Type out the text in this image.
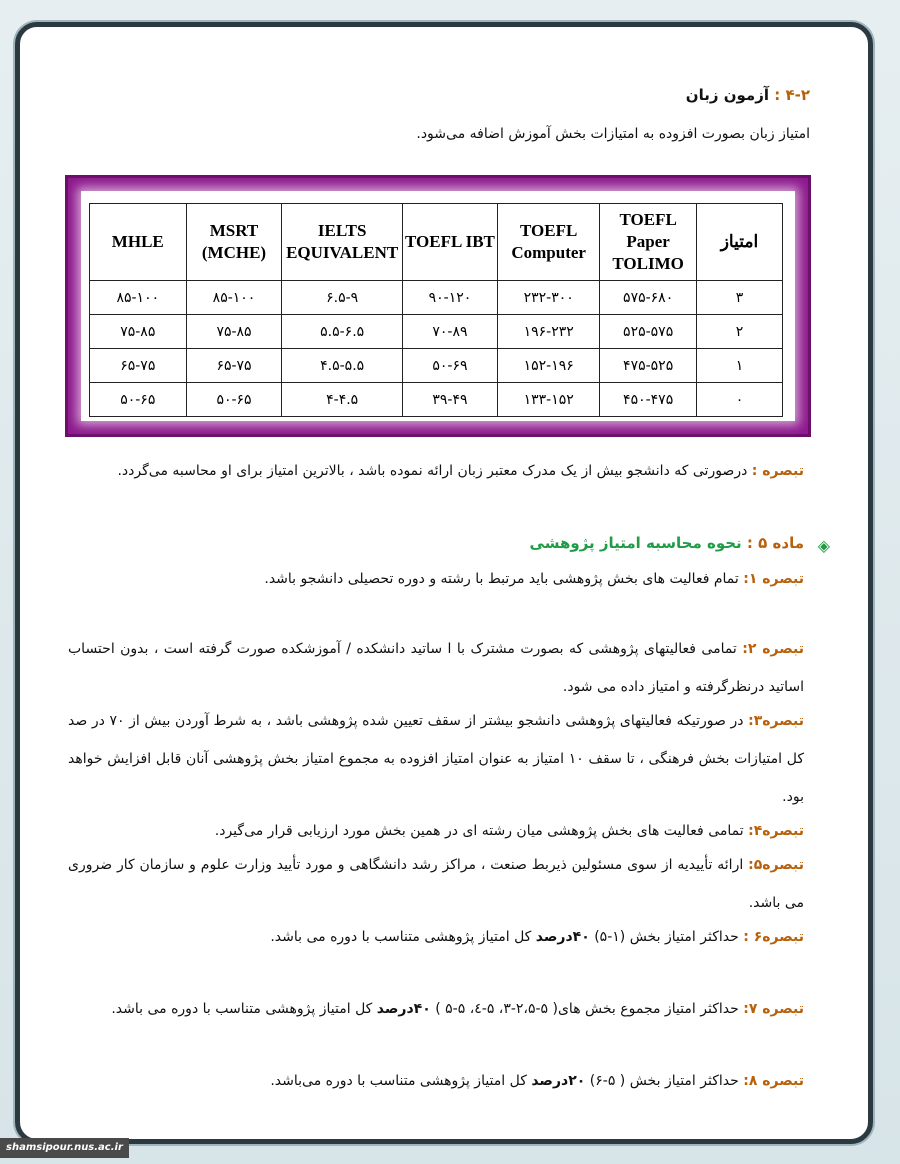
۴-۲ : آزمون زبان
امتیاز زبان بصورت افزوده به امتیازات بخش آموزش اضافه می‌شود.
امتیاز	TOEFL Paper TOLIMO	TOEFL Computer	TOEFL IBT	IELTS EQUIVALENT	MSRT (MCHE)	MHLE
۳	۵۷۵-۶۸۰	۲۳۲-۳۰۰	۹۰-۱۲۰	۶.۵-۹	۸۵-۱۰۰	۸۵-۱۰۰
۲	۵۲۵-۵۷۵	۱۹۶-۲۳۲	۷۰-۸۹	۵.۵-۶.۵	۷۵-۸۵	۷۵-۸۵
۱	۴۷۵-۵۲۵	۱۵۲-۱۹۶	۵۰-۶۹	۴.۵-۵.۵	۶۵-۷۵	۶۵-۷۵
۰	۴۵۰-۴۷۵	۱۳۳-۱۵۲	۳۹-۴۹	۴-۴.۵	۵۰-۶۵	۵۰-۶۵
تبصره : درصورتی که دانشجو بیش از یک مدرک معتبر زبان ارائه نموده باشد ، بالاترین امتیاز برای او محاسبه می‌گردد.
◈
ماده ۵ : نحوه محاسبه امتیاز پژوهشی
تبصره ۱: تمام فعالیت های بخش پژوهشی باید مرتبط با رشته و دوره تحصیلی دانشجو باشد.
تبصره ۲: تمامی فعالیتهای پژوهشی که بصورت مشترک با ا ساتید دانشکده / آموزشکده صورت گرفته است ، بدون احتساب اساتید درنظرگرفته و امتیاز داده می شود.
تبصره۳: در صورتیکه فعالیتهای پژوهشی دانشجو بیشتر از سقف تعیین شده پژوهشی باشد ، به شرط آوردن بیش از ۷۰ در صد کل امتیازات بخش فرهنگی ، تا سقف ۱۰ امتیاز به عنوان امتیاز افزوده به مجموع امتیاز بخش پژوهشی آنان قابل افزایش خواهد بود.
تبصره۴: تمامی فعالیت های بخش پژوهشی میان رشته ای در همین بخش مورد ارزیابی قرار می‌گیرد.
تبصره۵: ارائه تأییدیه از سوی مسئولین ذیربط صنعت ، مراکز رشد دانشگاهی و مورد تأیید وزارت علوم و سازمان کار ضروری می باشد.
تبصره۶ : حداکثر امتیاز بخش (۱-۵) ۴۰درصد کل امتیاز پژوهشی متناسب با دوره می باشد.
تبصره ۷: حداکثر امتیاز مجموع بخش های( ۵-۲،۵-۳، ۵-٤، ۵-۵ ) ۴۰درصد کل امتیاز پژوهشی متناسب با دوره می باشد.
تبصره ۸: حداکثر امتیاز بخش ( ۵-۶) ۲۰درصد کل امتیاز پژوهشی متناسب با دوره می‌باشد.
shamsipour.nus.ac.ir
